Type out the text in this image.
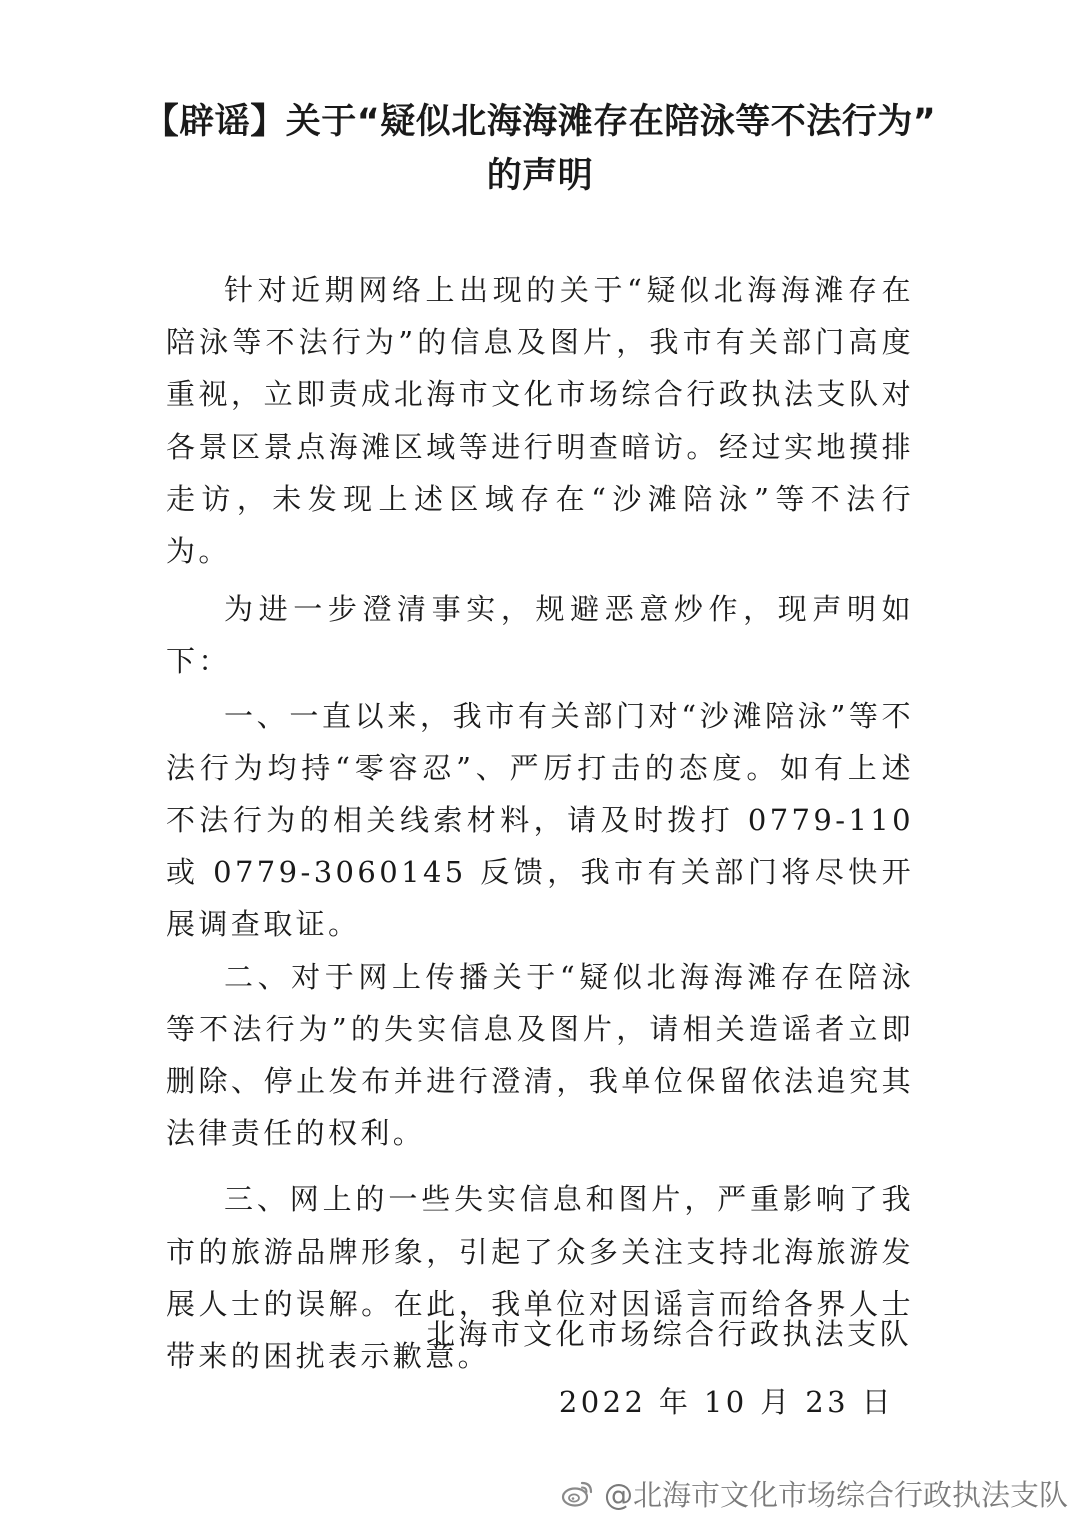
【辟谣】关于“疑似北海海滩存在陪泳等不法行为”
的声明

针对近期网络上出现的关于“疑似北海海滩存在陪泳等不法行为”的信息及图片，我市有关部门高度重视，立即责成北海市文化市场综合行政执法支队对各景区景点海滩区域等进行明查暗访。经过实地摸排走访，未发现上述区域存在“沙滩陪泳”等不法行为。

为进一步澄清事实，规避恶意炒作，现声明如下：

一、一直以来，我市有关部门对“沙滩陪泳”等不法行为均持“零容忍”、严厉打击的态度。如有上述不法行为的相关线索材料，请及时拨打 0779-110 或 0779-3060145 反馈，我市有关部门将尽快开展调查取证。

二、对于网上传播关于“疑似北海海滩存在陪泳等不法行为”的失实信息及图片，请相关造谣者立即删除、停止发布并进行澄清，我单位保留依法追究其法律责任的权利。

三、网上的一些失实信息和图片，严重影响了我市的旅游品牌形象，引起了众多关注支持北海旅游发展人士的误解。在此，我单位对因谣言而给各界人士带来的困扰表示歉意。

北海市文化市场综合行政执法支队
2022 年 10 月 23 日
@北海市文化市场综合行政执法支队
